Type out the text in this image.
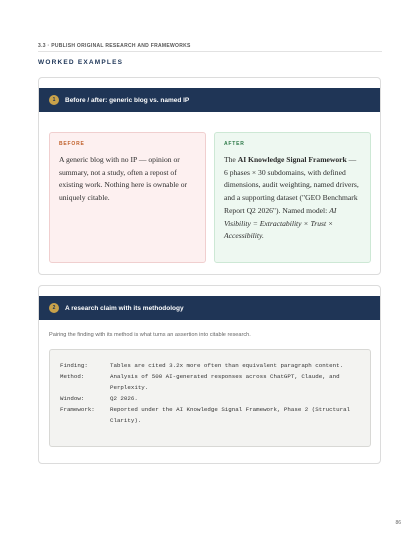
3.3 · PUBLISH ORIGINAL RESEARCH AND FRAMEWORKS
WORKED EXAMPLES
1	Before / after: generic blog vs. named IP
BEFORE
A generic blog with no IP — opinion or summary, not a study, often a repost of existing work. Nothing here is ownable or uniquely citable.
AFTER
The AI Knowledge Signal Framework — 6 phases × 30 subdomains, with defined dimensions, audit weighting, named drivers, and a supporting dataset ("GEO Benchmark Report Q2 2026"). Named model: AI Visibility = Extractability × Trust × Accessibility.
2	A research claim with its methodology
Pairing the finding with its method is what turns an assertion into citable research.
Finding:	Tables are cited 3.2x more often than equivalent paragraph content.
Method:	Analysis of 500 AI-generated responses across ChatGPT, Claude, and Perplexity.
Window:	Q2 2026.
Framework:	Reported under the AI Knowledge Signal Framework, Phase 2 (Structural Clarity).
86
